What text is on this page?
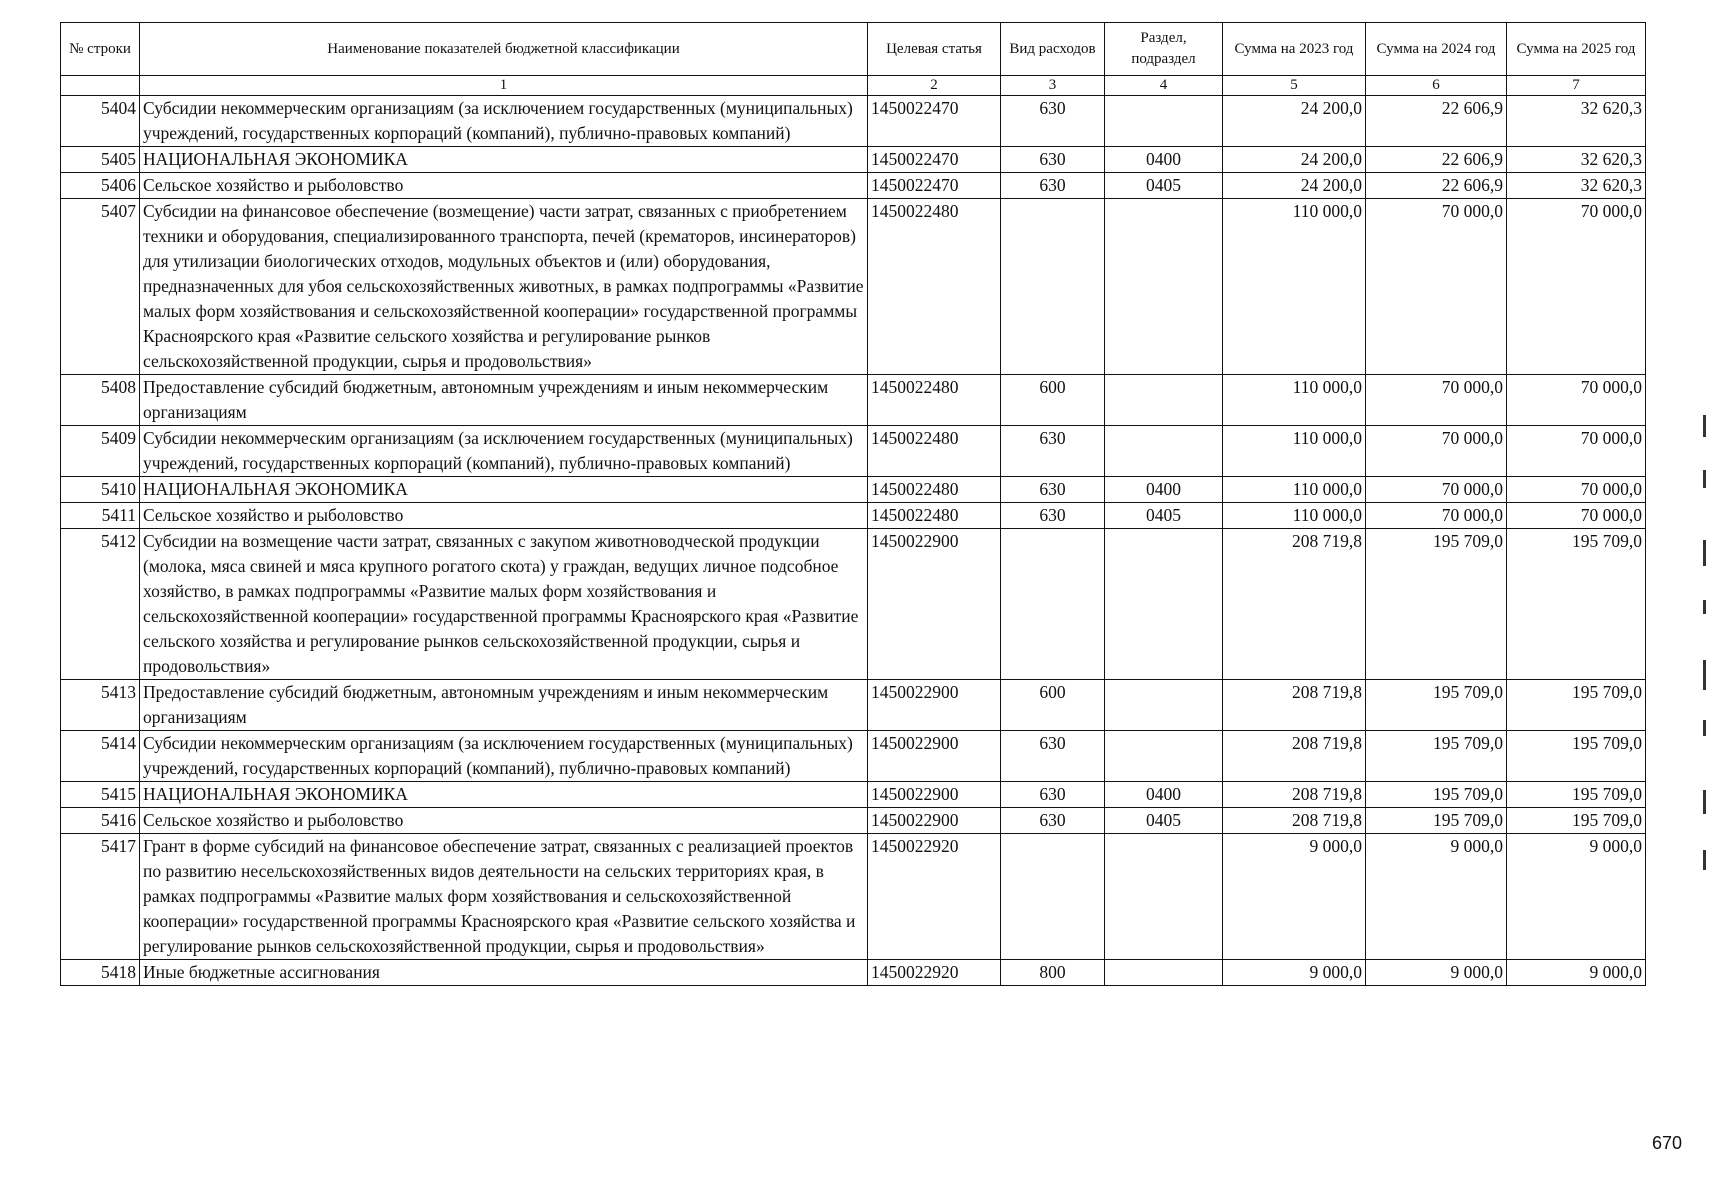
№ строки	Наименование показателей бюджетной классификации	Целевая статья	Вид расходов	Раздел, подраздел	Сумма на 2023 год	Сумма на 2024 год	Сумма на 2025 год
	1	2	3	4	5	6	7
5404	Субсидии некоммерческим организациям (за исключением государственных (муниципальных) учреждений, государственных корпораций (компаний), публично-правовых компаний)	1450022470	630		24 200,0	22 606,9	32 620,3
5405	НАЦИОНАЛЬНАЯ ЭКОНОМИКА	1450022470	630	0400	24 200,0	22 606,9	32 620,3
5406	Сельское хозяйство и рыболовство	1450022470	630	0405	24 200,0	22 606,9	32 620,3
5407	Субсидии на финансовое обеспечение (возмещение) части затрат, связанных с приобретением техники и оборудования, специализированного транспорта, печей (крематоров, инсинераторов) для утилизации биологических отходов, модульных объектов и (или) оборудования, предназначенных для убоя сельскохозяйственных животных, в рамках подпрограммы «Развитие малых форм хозяйствования и сельскохозяйственной кооперации» государственной программы Красноярского края «Развитие сельского хозяйства и регулирование рынков сельскохозяйственной продукции, сырья и продовольствия»	1450022480			110 000,0	70 000,0	70 000,0
5408	Предоставление субсидий бюджетным, автономным учреждениям и иным некоммерческим организациям	1450022480	600		110 000,0	70 000,0	70 000,0
5409	Субсидии некоммерческим организациям (за исключением государственных (муниципальных) учреждений, государственных корпораций (компаний), публично-правовых компаний)	1450022480	630		110 000,0	70 000,0	70 000,0
5410	НАЦИОНАЛЬНАЯ ЭКОНОМИКА	1450022480	630	0400	110 000,0	70 000,0	70 000,0
5411	Сельское хозяйство и рыболовство	1450022480	630	0405	110 000,0	70 000,0	70 000,0
5412	Субсидии на возмещение части затрат, связанных с закупом животноводческой продукции (молока, мяса свиней и мяса крупного рогатого скота) у граждан, ведущих личное подсобное хозяйство, в рамках подпрограммы «Развитие малых форм хозяйствования и сельскохозяйственной кооперации» государственной программы Красноярского края «Развитие сельского хозяйства и регулирование рынков сельскохозяйственной продукции, сырья и продовольствия»	1450022900			208 719,8	195 709,0	195 709,0
5413	Предоставление субсидий бюджетным, автономным учреждениям и иным некоммерческим организациям	1450022900	600		208 719,8	195 709,0	195 709,0
5414	Субсидии некоммерческим организациям (за исключением государственных (муниципальных) учреждений, государственных корпораций (компаний), публично-правовых компаний)	1450022900	630		208 719,8	195 709,0	195 709,0
5415	НАЦИОНАЛЬНАЯ ЭКОНОМИКА	1450022900	630	0400	208 719,8	195 709,0	195 709,0
5416	Сельское хозяйство и рыболовство	1450022900	630	0405	208 719,8	195 709,0	195 709,0
5417	Грант в форме субсидий на финансовое обеспечение затрат, связанных с реализацией проектов по развитию несельскохозяйственных видов деятельности на сельских территориях края, в рамках подпрограммы «Развитие малых форм хозяйствования и сельскохозяйственной кооперации» государственной программы Красноярского края «Развитие сельского хозяйства и регулирование рынков сельскохозяйственной продукции, сырья и продовольствия»	1450022920			9 000,0	9 000,0	9 000,0
5418	Иные бюджетные ассигнования	1450022920	800		9 000,0	9 000,0	9 000,0
670
